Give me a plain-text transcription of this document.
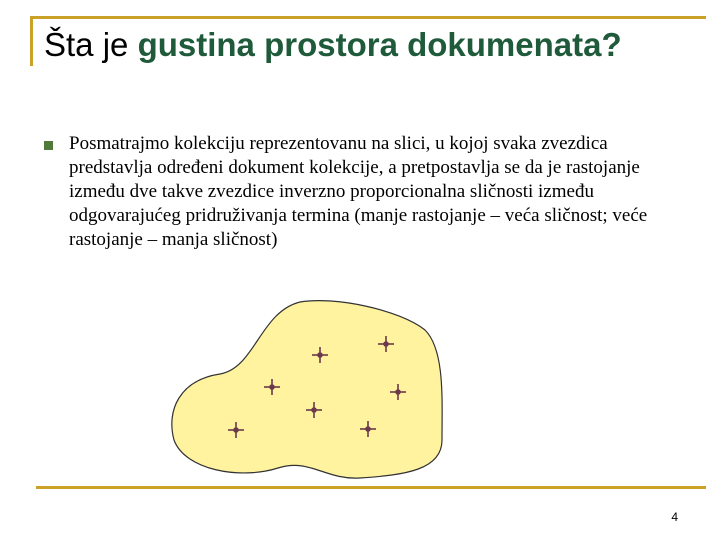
Šta je gustina prostora dokumenata?
Posmatrajmo kolekciju reprezentovanu na slici, u kojoj svaka zvezdica predstavlja određeni dokument kolekcije, a pretpostavlja se da je rastojanje između dve takve zvezdice inverzno proporcionalna sličnosti između odgovarajućeg pridruživanja termina (manje rastojanje – veća sličnost; veće rastojanje – manja sličnost)
4
